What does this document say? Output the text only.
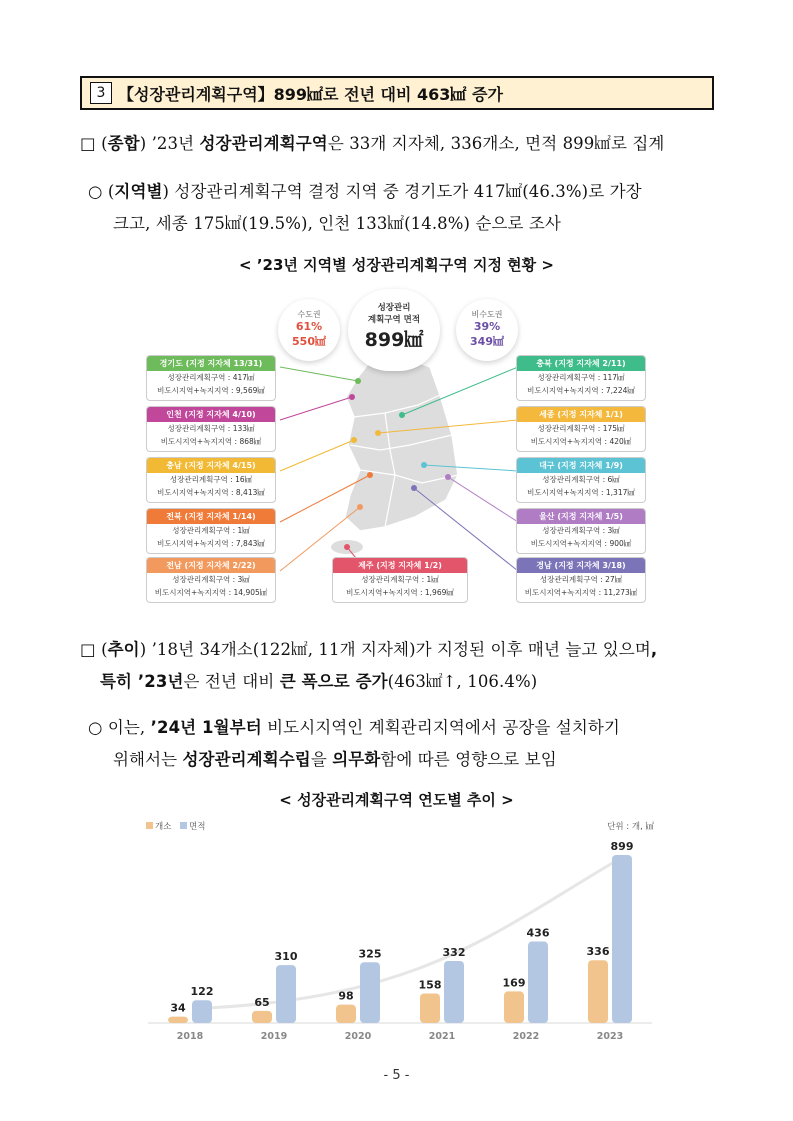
3 【성장관리계획구역】899㎢로 전년 대비 463㎢ 증가
□ (종합) ’23년 성장관리계획구역은 33개 지자체, 336개소, 면적 899㎢로 집계
○ (지역별) 성장관리계획구역 결정 지역 중 경기도가 417㎢(46.3%)로 가장
크고, 세종 175㎢(19.5%), 인천 133㎢(14.8%) 순으로 조사
< ’23년 지역별 성장관리계획구역 지정 현황 >
수도권
61%
550㎢
성장관리
계획구역 면적
899㎢
비수도권
39%
349㎢
경기도 (지정 지자체 13/31)
성장관리계획구역 : 417㎢
비도시지역+녹지지역 : 9,569㎢
인천 (지정 지자체 4/10)
성장관리계획구역 : 133㎢
비도시지역+녹지지역 : 868㎢
충남 (지정 지자체 4/15)
성장관리계획구역 : 16㎢
비도시지역+녹지지역 : 8,413㎢
전북 (지정 지자체 1/14)
성장관리계획구역 : 1㎢
비도시지역+녹지지역 : 7,843㎢
전남 (지정 지자체 2/22)
성장관리계획구역 : 3㎢
비도시지역+녹지지역 : 14,905㎢
제주 (지정 지자체 1/2)
성장관리계획구역 : 1㎢
비도시지역+녹지지역 : 1,969㎢
충북 (지정 지자체 2/11)
성장관리계획구역 : 117㎢
비도시지역+녹지지역 : 7,224㎢
세종 (지정 지자체 1/1)
성장관리계획구역 : 175㎢
비도시지역+녹지지역 : 420㎢
대구 (지정 지자체 1/9)
성장관리계획구역 : 6㎢
비도시지역+녹지지역 : 1,317㎢
울산 (지정 지자체 1/5)
성장관리계획구역 : 3㎢
비도시지역+녹지지역 : 900㎢
경남 (지정 지자체 3/18)
성장관리계획구역 : 27㎢
비도시지역+녹지지역 : 11,273㎢
□ (추이) ’18년 34개소(122㎢, 11개 지자체)가 지정된 이후 매년 늘고 있으며,
특히 ’23년은 전년 대비 큰 폭으로 증가(463㎢↑, 106.4%)
○ 이는, ’24년 1월부터 비도시지역인 계획관리지역에서 공장을 설치하기
위해서는 성장관리계획수립을 의무화함에 따른 영향으로 보임
< 성장관리계획구역 연도별 추이 >
개소 면적	단위 : 개, ㎢
34
122
2018
65
310
2019
98
325
2020
158
332
2021
169
436
2022
336
899
2023
- 5 -
